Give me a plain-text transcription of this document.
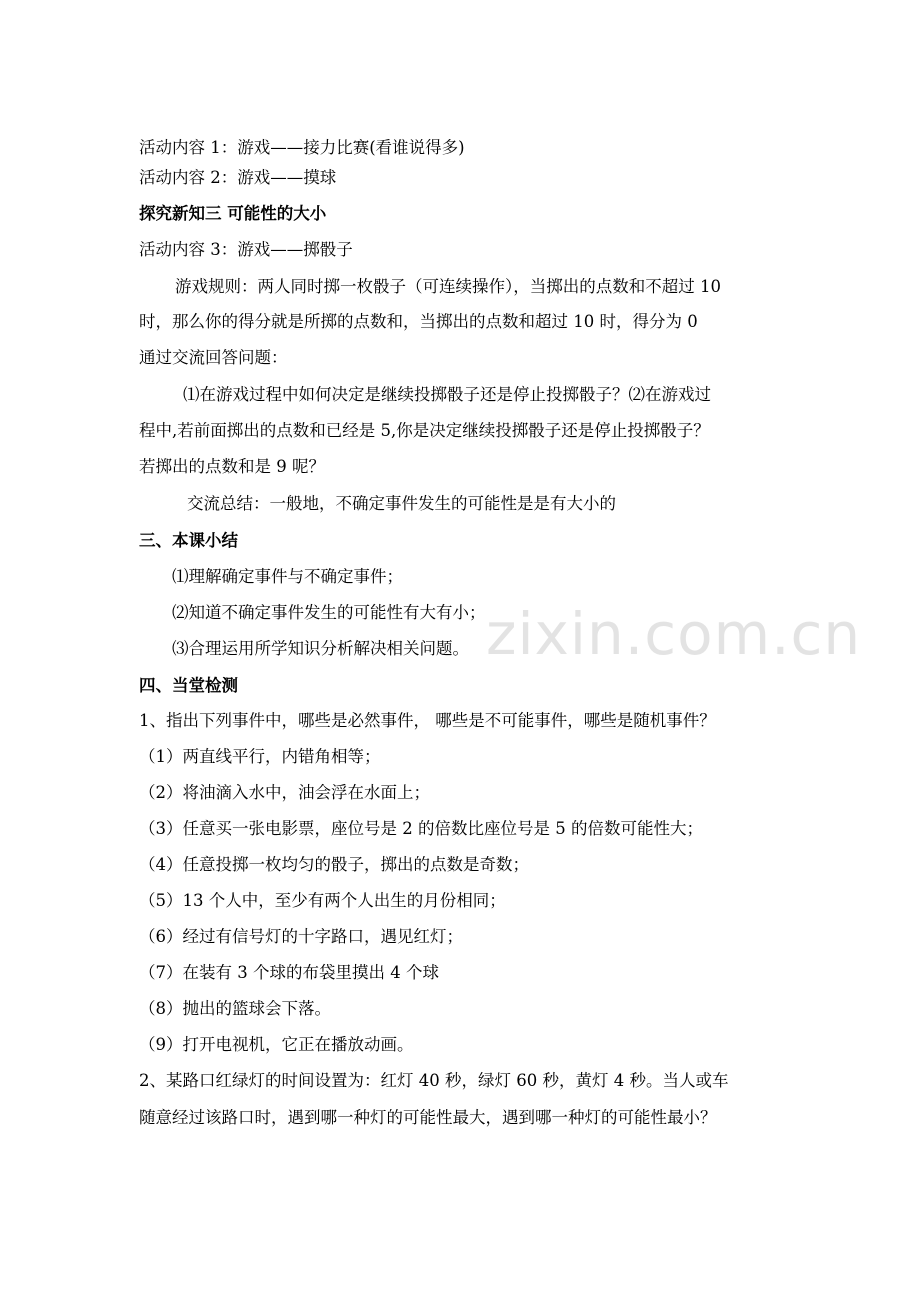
活动内容 1：游戏——接力比赛(看谁说得多)
活动内容 2：游戏——摸球
探究新知三 可能性的大小
活动内容 3：游戏——掷骰子
游戏规则：两人同时掷一枚骰子（可连续操作），当掷出的点数和不超过 10
时，那么你的得分就是所掷的点数和，当掷出的点数和超过 10 时，得分为 0
通过交流回答问题：
⑴在游戏过程中如何决定是继续投掷骰子还是停止投掷骰子？⑵在游戏过
程中,若前面掷出的点数和已经是 5,你是决定继续投掷骰子还是停止投掷骰子？
若掷出的点数和是 9 呢？
交流总结：一般地，不确定事件发生的可能性是是有大小的
三、本课小结
⑴理解确定事件与不确定事件；
⑵知道不确定事件发生的可能性有大有小；
⑶合理运用所学知识分析解决相关问题。
四、当堂检测
1、指出下列事件中，哪些是必然事件， 哪些是不可能事件，哪些是随机事件？
（1）两直线平行，内错角相等；
（2）将油滴入水中，油会浮在水面上；
（3）任意买一张电影票，座位号是 2 的倍数比座位号是 5 的倍数可能性大；
（4）任意投掷一枚均匀的骰子，掷出的点数是奇数；
（5）13 个人中，至少有两个人出生的月份相同；
（6）经过有信号灯的十字路口，遇见红灯；
（7）在装有 3 个球的布袋里摸出 4 个球
（8）抛出的篮球会下落。
（9）打开电视机，它正在播放动画。
2、某路口红绿灯的时间设置为：红灯 40 秒，绿灯 60 秒，黄灯 4 秒。当人或车
随意经过该路口时，遇到哪一种灯的可能性最大，遇到哪一种灯的可能性最小？
zixin.com.cn
